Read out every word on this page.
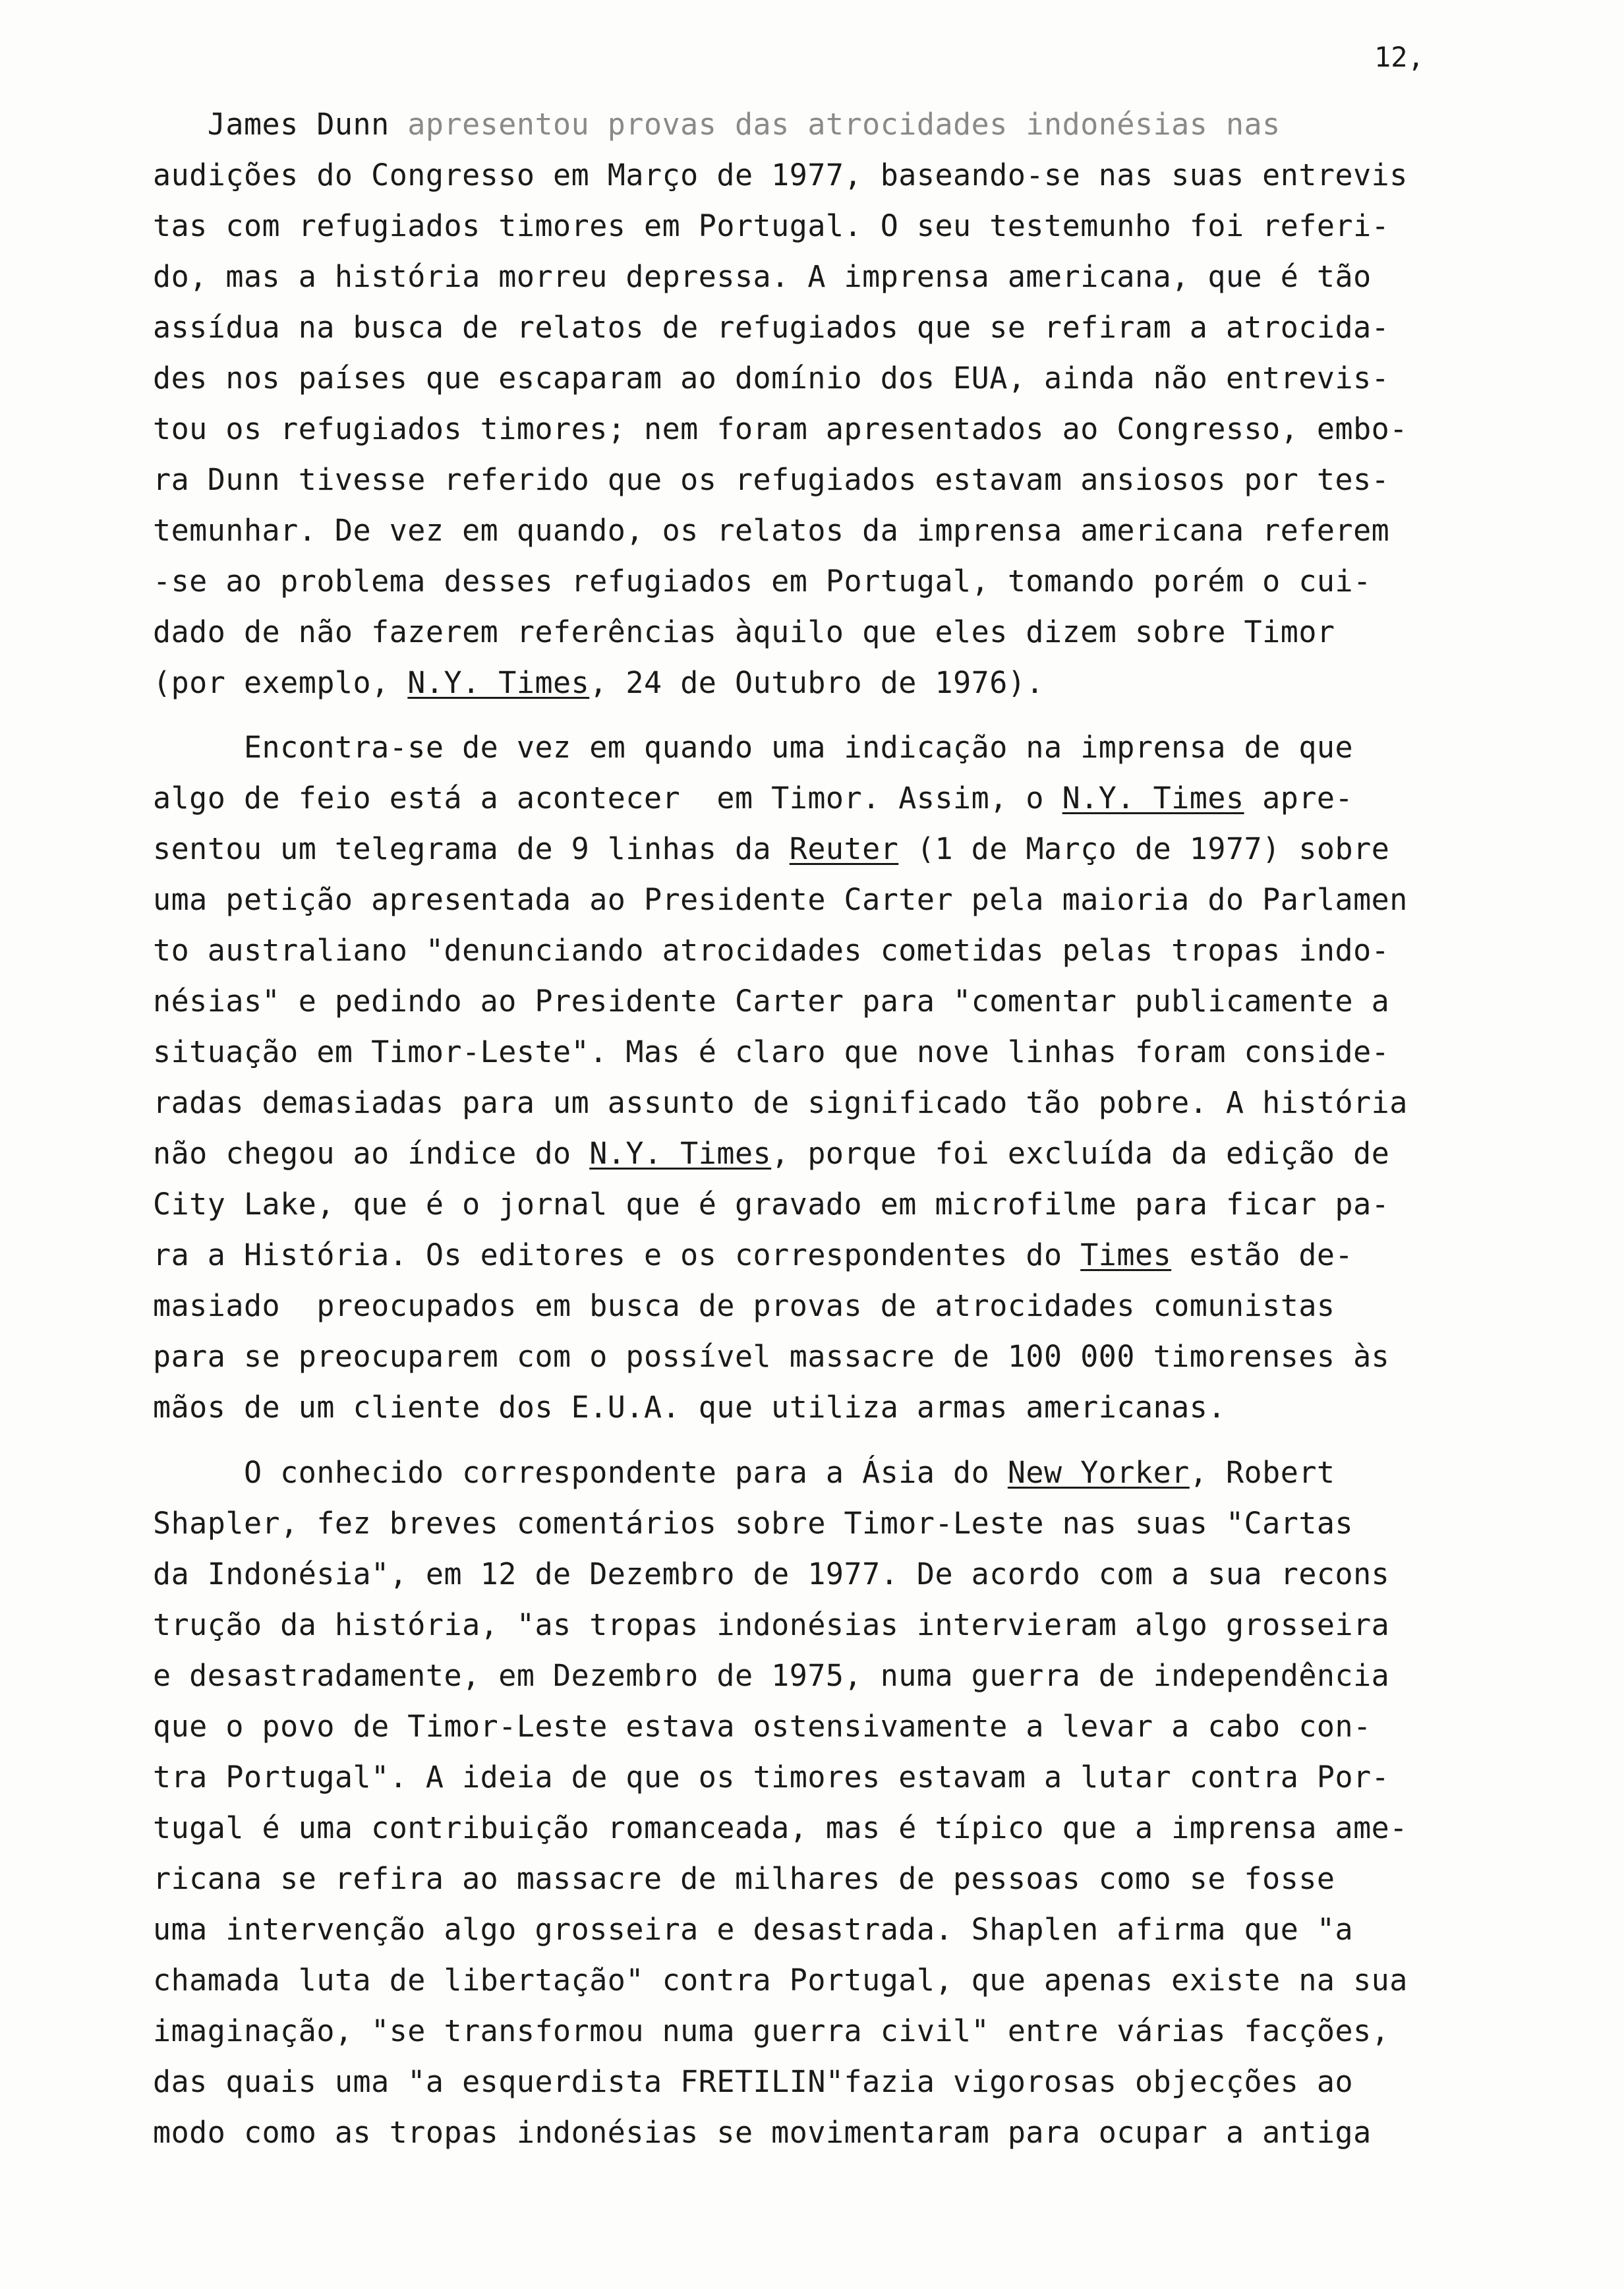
12,
James Dunn apresentou provas das atrocidades indonésias nas
audições do Congresso em Março de 1977, baseando-se nas suas entrevis
tas com refugiados timores em Portugal. O seu testemunho foi referi-
do, mas a história morreu depressa. A imprensa americana, que é tão
assídua na busca de relatos de refugiados que se refiram a atrocida-
des nos países que escaparam ao domínio dos EUA, ainda não entrevis-
tou os refugiados timores; nem foram apresentados ao Congresso, embo-
ra Dunn tivesse referido que os refugiados estavam ansiosos por tes-
temunhar. De vez em quando, os relatos da imprensa americana referem
-se ao problema desses refugiados em Portugal, tomando porém o cui-
dado de não fazerem referências àquilo que eles dizem sobre Timor
(por exemplo, N.Y. Times, 24 de Outubro de 1976).
Encontra-se de vez em quando uma indicação na imprensa de que
algo de feio está a acontecer  em Timor. Assim, o N.Y. Times apre-
sentou um telegrama de 9 linhas da Reuter (1 de Março de 1977) sobre
uma petição apresentada ao Presidente Carter pela maioria do Parlamen
to australiano "denunciando atrocidades cometidas pelas tropas indo-
nésias" e pedindo ao Presidente Carter para "comentar publicamente a
situação em Timor-Leste". Mas é claro que nove linhas foram conside-
radas demasiadas para um assunto de significado tão pobre. A história
não chegou ao índice do N.Y. Times, porque foi excluída da edição de
City Lake, que é o jornal que é gravado em microfilme para ficar pa-
ra a História. Os editores e os correspondentes do Times estão de-
masiado  preocupados em busca de provas de atrocidades comunistas
para se preocuparem com o possível massacre de 100 000 timorenses às
mãos de um cliente dos E.U.A. que utiliza armas americanas.
O conhecido correspondente para a Ásia do New Yorker, Robert
Shapler, fez breves comentários sobre Timor-Leste nas suas "Cartas
da Indonésia", em 12 de Dezembro de 1977. De acordo com a sua recons
trução da história, "as tropas indonésias intervieram algo grosseira
e desastradamente, em Dezembro de 1975, numa guerra de independência
que o povo de Timor-Leste estava ostensivamente a levar a cabo con-
tra Portugal". A ideia de que os timores estavam a lutar contra Por-
tugal é uma contribuição romanceada, mas é típico que a imprensa ame-
ricana se refira ao massacre de milhares de pessoas como se fosse
uma intervenção algo grosseira e desastrada. Shaplen afirma que "a
chamada luta de libertação" contra Portugal, que apenas existe na sua
imaginação, "se transformou numa guerra civil" entre várias facções,
das quais uma "a esquerdista FRETILIN"fazia vigorosas objecções ao
modo como as tropas indonésias se movimentaram para ocupar a antiga
